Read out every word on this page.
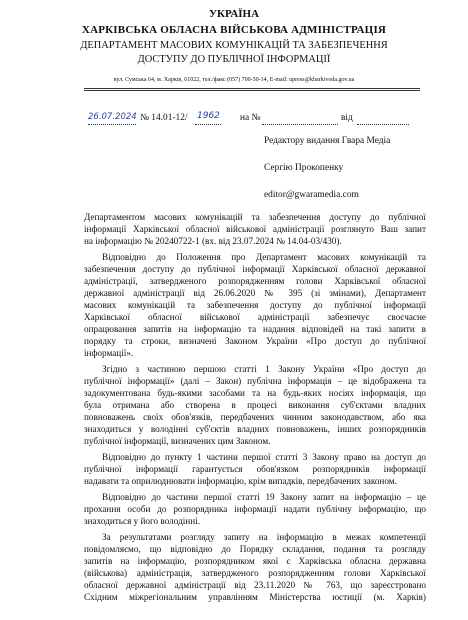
УКРАЇНА
ХАРКІВСЬКА ОБЛАСНА ВІЙСЬКОВА АДМІНІСТРАЦІЯ
ДЕПАРТАМЕНТ МАСОВИХ КОМУНІКАЦІЙ ТА ЗАБЕЗПЕЧЕННЯ
ДОСТУПУ ДО ПУБЛІЧНОЇ ІНФОРМАЦІЇ
вул. Сумська 64, м. Харків, 61022, тел./факс (057) 700-50-14, E-mail: upress@kharkivoda.gov.ua
26.07.2024 № 14.01-12/ 1962 на №	від
Редактору видання Гвара Медіа
Сергію Прокопенку
editor@gwaramedia.com
Департаментом масових комунікацій та забезпечення доступу до публічної
інформації Харківської обласної військової адміністрації розглянуто Ваш запит
на інформацію № 20240722-1 (вх. від 23.07.2024 № 14.04-03/430).
Відповідно до Положення про Департамент масових комунікацій та
забезпечення доступу до публічної інформації Харківської обласної державної
адміністрації, затвердженого розпорядженням голови Харківської обласної
державної адміністрації від 26.06.2020 № 395 (зі змінами), Департамент
масових комунікацій та забезпечення доступу до публічної інформації
Харківської обласної військової адміністрації забезпечує своєчасне
опрацювання запитів на інформацію та надання відповідей на такі запити в
порядку та строки, визначені Законом України «Про доступ до публічної
інформації».
Згідно з частиною першою статті 1 Закону України «Про доступ до
публічної інформації» (далі – Закон) публічна інформація – це відображена та
задокументована будь-якими засобами та на будь-яких носіях інформація, що
була отримана або створена в процесі виконання суб'єктами владних
повноважень своїх обов'язків, передбачених чинним законодавством, або яка
знаходиться у володінні суб'єктів владних повноважень, інших розпорядників
публічної інформації, визначених цим Законом.
Відповідно до пункту 1 частини першої статті 3 Закону право на доступ до
публічної інформації гарантується обов'язком розпорядників інформації
надавати та оприлюднювати інформацію, крім випадків, передбачених законом.
Відповідно до частини першої статті 19 Закону запит на інформацію – це
прохання особи до розпорядника інформації надати публічну інформацію, що
знаходиться у його володінні.
За результатами розгляду запиту на інформацію в межах компетенції
повідомляємо, що відповідно до Порядку складання, подання та розгляду
запитів на інформацію, розпорядником якої є Харківська обласна державна
(військова) адміністрація, затвердженого розпорядженням голови Харківської
обласної державної адміністрації від 23.11.2020 № 763, що зареєстровано
Східним міжрегіональним управлінням Міністерства юстиції (м. Харків)
